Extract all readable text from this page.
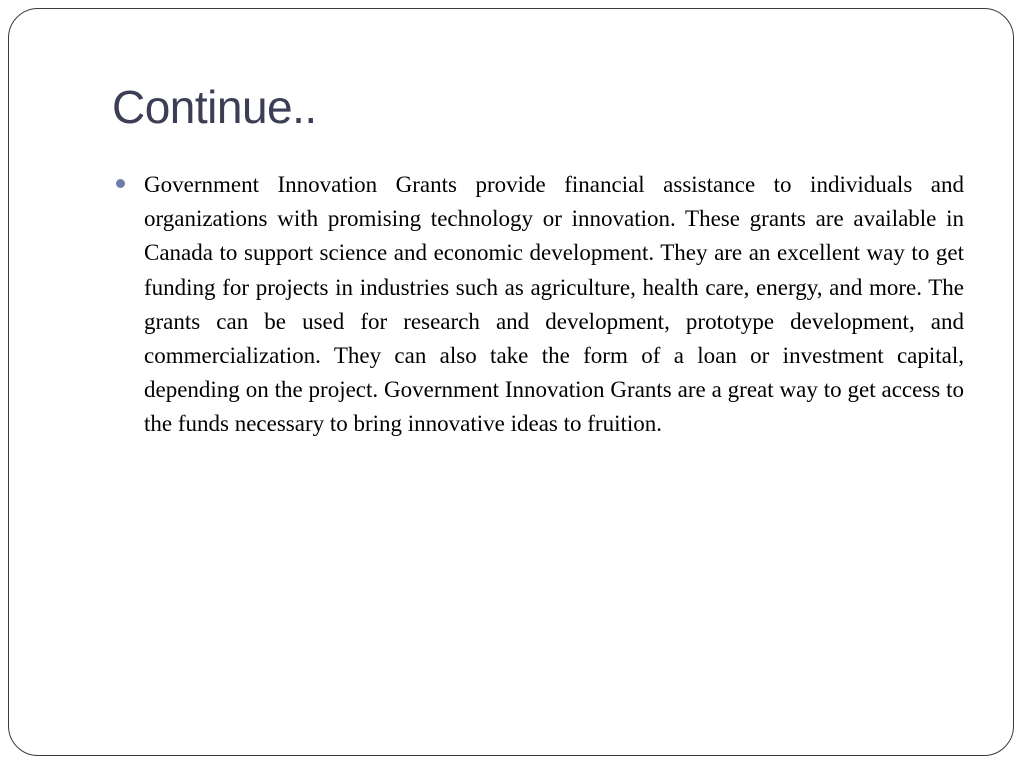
Continue..
Government Innovation Grants provide financial assistance to individuals and organizations with promising technology or innovation. These grants are available in Canada to support science and economic development. They are an excellent way to get funding for projects in industries such as agriculture, health care, energy, and more. The grants can be used for research and development, prototype development, and commercialization. They can also take the form of a loan or investment capital, depending on the project. Government Innovation Grants are a great way to get access to the funds necessary to bring innovative ideas to fruition.
